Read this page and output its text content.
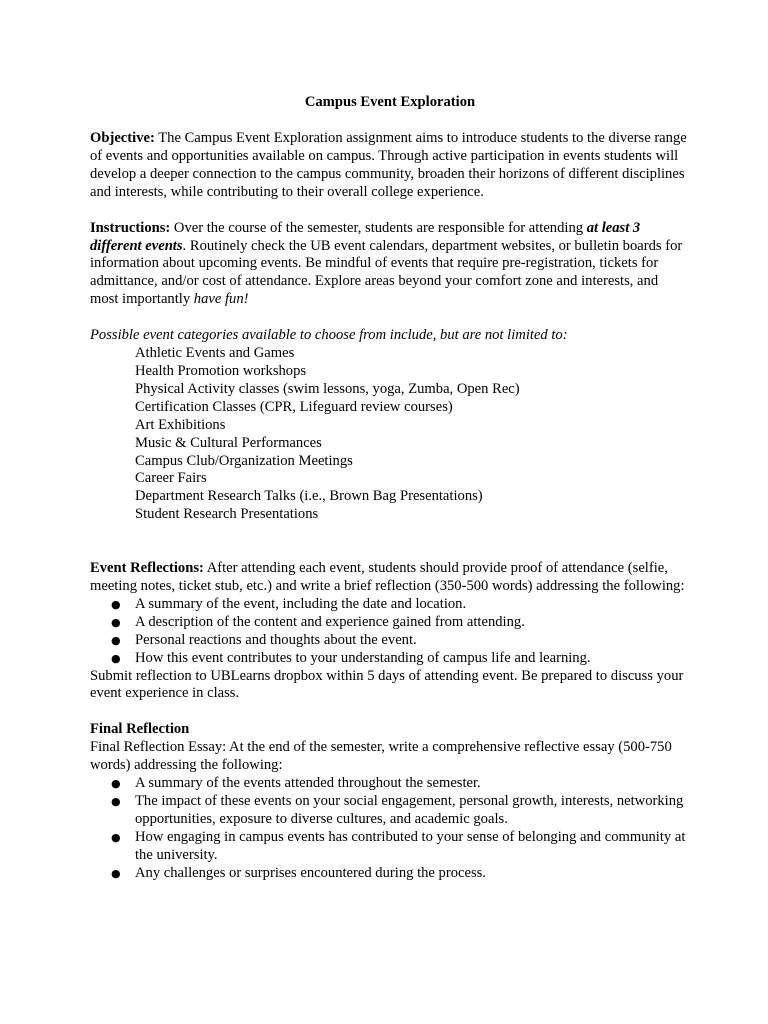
Campus Event Exploration

Objective: The Campus Event Exploration assignment aims to introduce students to the diverse range of events and opportunities available on campus. Through active participation in events students will develop a deeper connection to the campus community, broaden their horizons of different disciplines and interests, while contributing to their overall college experience.

Instructions: Over the course of the semester, students are responsible for attending at least 3 different events. Routinely check the UB event calendars, department websites, or bulletin boards for information about upcoming events. Be mindful of events that require pre-registration, tickets for admittance, and/or cost of attendance. Explore areas beyond your comfort zone and interests, and most importantly have fun!

Possible event categories available to choose from include, but are not limited to:

Athletic Events and Games
Health Promotion workshops
Physical Activity classes (swim lessons, yoga, Zumba, Open Rec)
Certification Classes (CPR, Lifeguard review courses)
Art Exhibitions
Music & Cultural Performances
Campus Club/Organization Meetings
Career Fairs
Department Research Talks (i.e., Brown Bag Presentations)
Student Research Presentations

Event Reflections: After attending each event, students should provide proof of attendance (selfie, meeting notes, ticket stub, etc.) and write a brief reflection (350-500 words) addressing the following:

● A summary of the event, including the date and location.
● A description of the content and experience gained from attending.
● Personal reactions and thoughts about the event.
● How this event contributes to your understanding of campus life and learning.

Submit reflection to UBLearns dropbox within 5 days of attending event. Be prepared to discuss your event experience in class.

Final Reflection

Final Reflection Essay: At the end of the semester, write a comprehensive reflective essay (500-750 words) addressing the following:

● A summary of the events attended throughout the semester.
● The impact of these events on your social engagement, personal growth, interests, networking opportunities, exposure to diverse cultures, and academic goals.
● How engaging in campus events has contributed to your sense of belonging and community at the university.
● Any challenges or surprises encountered during the process.
